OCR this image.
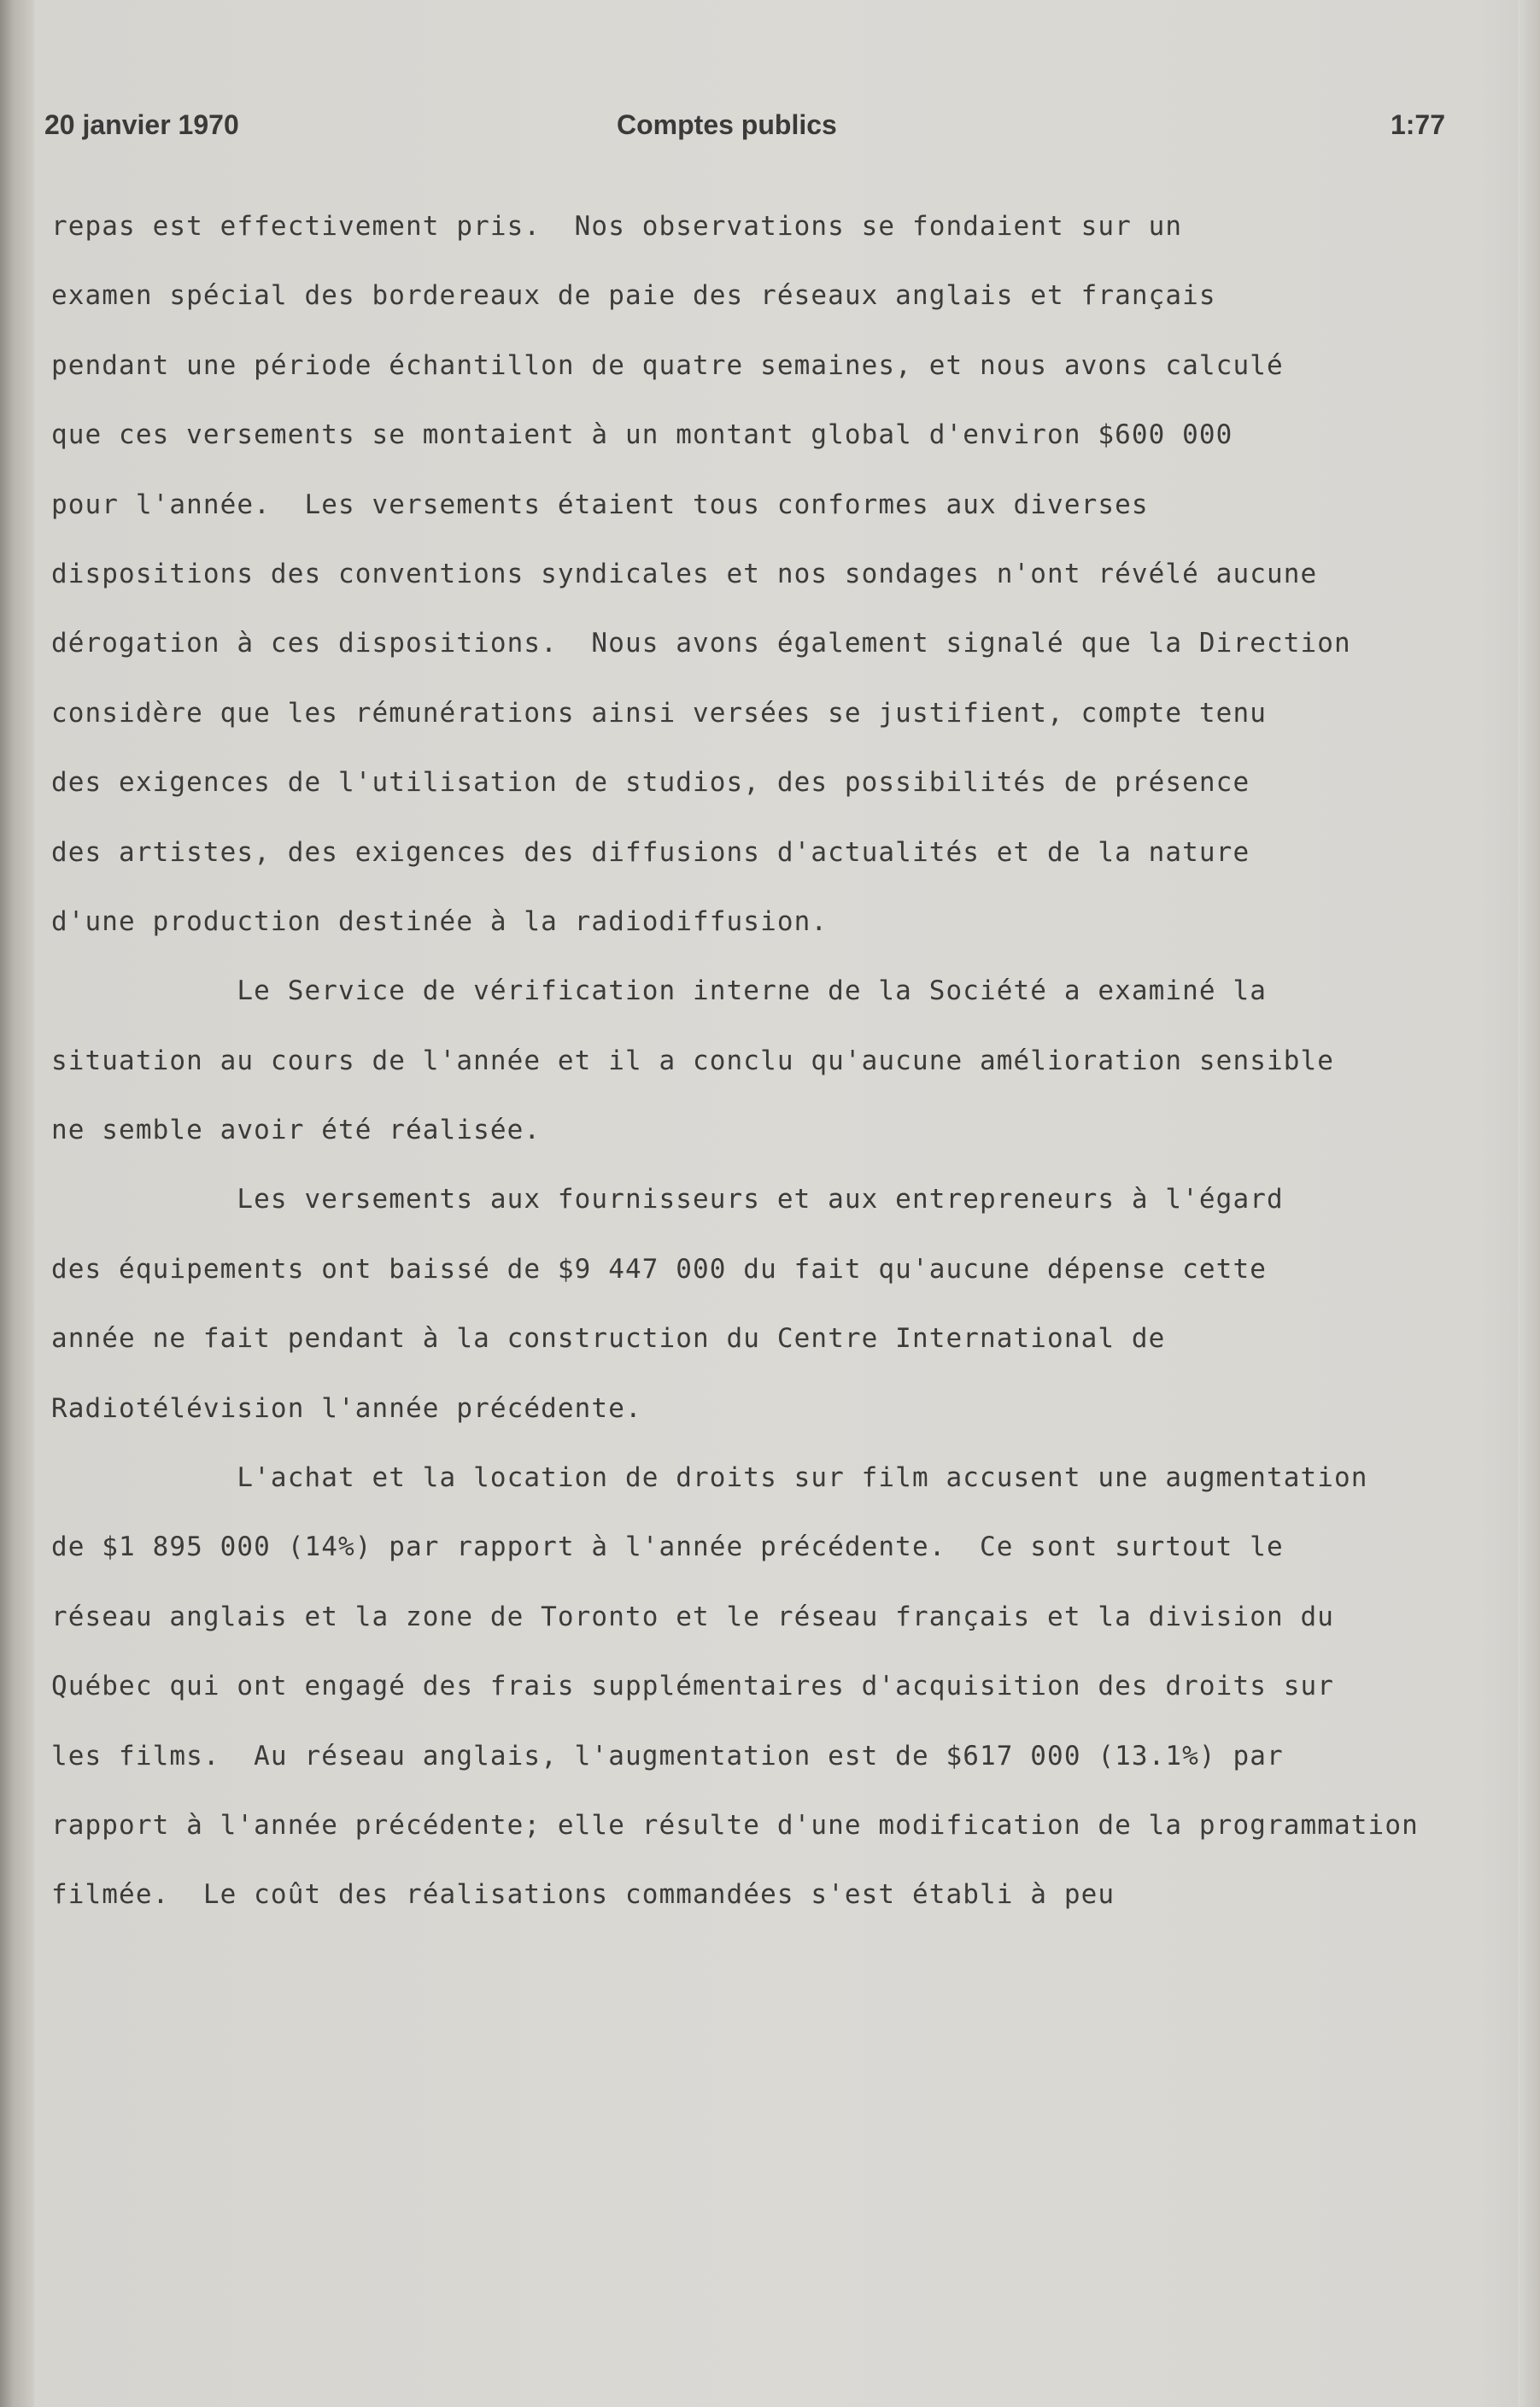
20 janvier 1970	Comptes publics	1:77
repas est effectivement pris.  Nos observations se fondaient sur un
examen spécial des bordereaux de paie des réseaux anglais et français
pendant une période échantillon de quatre semaines, et nous avons calculé
que ces versements se montaient à un montant global d'environ $600 000
pour l'année.  Les versements étaient tous conformes aux diverses
dispositions des conventions syndicales et nos sondages n'ont révélé aucune
dérogation à ces dispositions.  Nous avons également signalé que la Direction
considère que les rémunérations ainsi versées se justifient, compte tenu
des exigences de l'utilisation de studios, des possibilités de présence
des artistes, des exigences des diffusions d'actualités et de la nature
d'une production destinée à la radiodiffusion.
Le Service de vérification interne de la Société a examiné la
situation au cours de l'année et il a conclu qu'aucune amélioration sensible
ne semble avoir été réalisée.
Les versements aux fournisseurs et aux entrepreneurs à l'égard
des équipements ont baissé de $9 447 000 du fait qu'aucune dépense cette
année ne fait pendant à la construction du Centre International de
Radiotélévision l'année précédente.
L'achat et la location de droits sur film accusent une augmentation
de $1 895 000 (14%) par rapport à l'année précédente.  Ce sont surtout le
réseau anglais et la zone de Toronto et le réseau français et la division du
Québec qui ont engagé des frais supplémentaires d'acquisition des droits sur
les films.  Au réseau anglais, l'augmentation est de $617 000 (13.1%) par
rapport à l'année précédente; elle résulte d'une modification de la programmation
filmée.  Le coût des réalisations commandées s'est établi à peu
